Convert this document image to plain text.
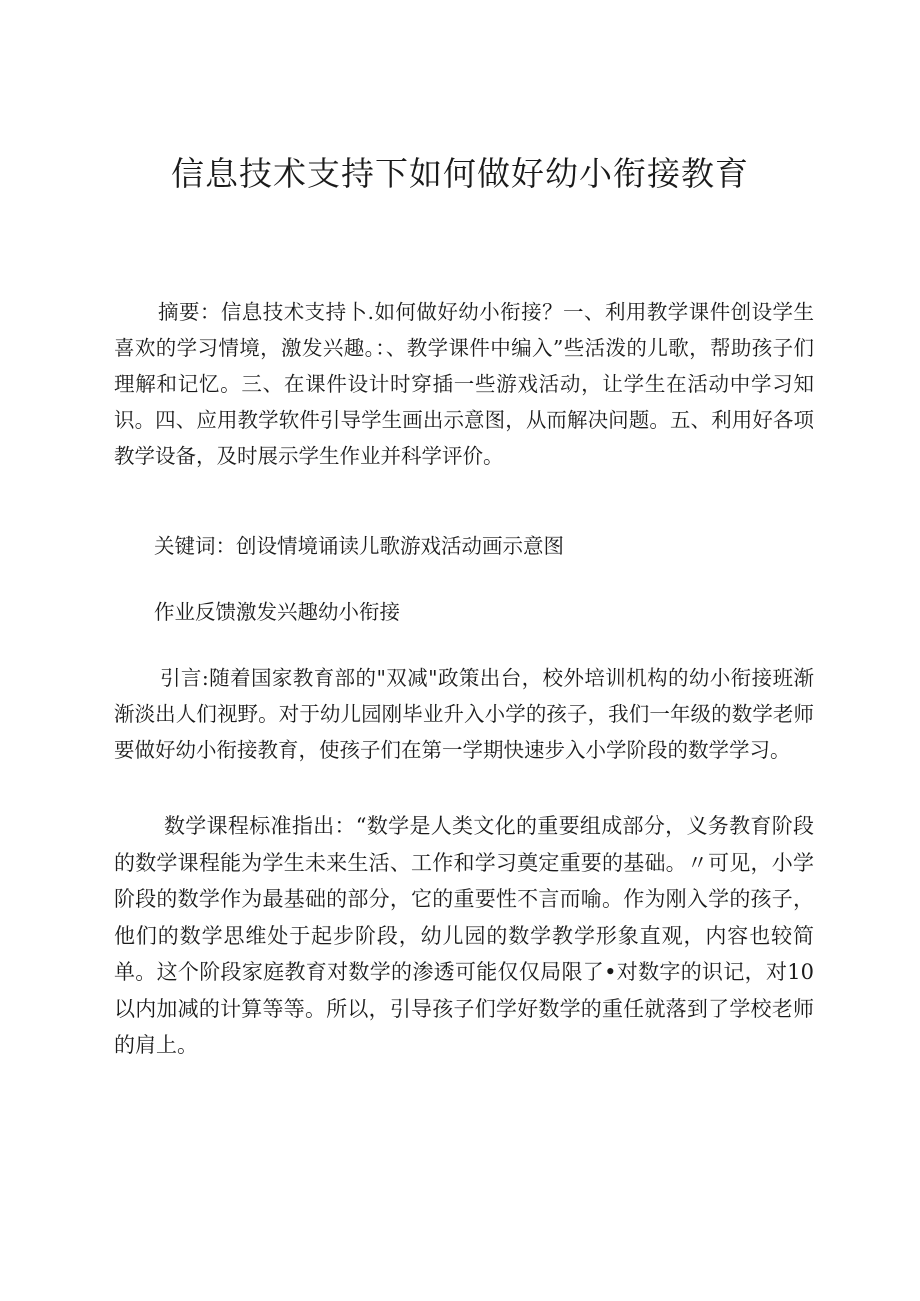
信息技术支持下如何做好幼小衔接教育

摘要：信息技术支持卜.如何做好幼小衔接？一、利用教学课件创设学生喜欢的学习情境，激发兴趣。：、教学课件中编入”些活泼的儿歌，帮助孩子们理解和记忆。三、在课件设计时穿插一些游戏活动，让学生在活动中学习知识。四、应用教学软件引导学生画出示意图，从而解决问题。五、利用好各项教学设备，及时展示学生作业并科学评价。

关键词：创设情境诵读儿歌游戏活动画示意图

作业反馈激发兴趣幼小衔接

引言:随着国家教育部的"双减"政策出台，校外培训机构的幼小衔接班渐渐淡出人们视野。对于幼儿园刚毕业升入小学的孩子，我们一年级的数学老师要做好幼小衔接教育，使孩子们在第一学期快速步入小学阶段的数学学习。

数学课程标准指出：“数学是人类文化的重要组成部分，义务教育阶段的数学课程能为学生未来生活、工作和学习奠定重要的基础。〃可见，小学阶段的数学作为最基础的部分，它的重要性不言而喻。作为刚入学的孩子，他们的数学思维处于起步阶段，幼儿园的数学教学形象直观，内容也较简单。这个阶段家庭教育对数学的渗透可能仅仅局限了•对数字的识记，对10以内加减的计算等等。所以，引导孩子们学好数学的重任就落到了学校老师的肩上。
